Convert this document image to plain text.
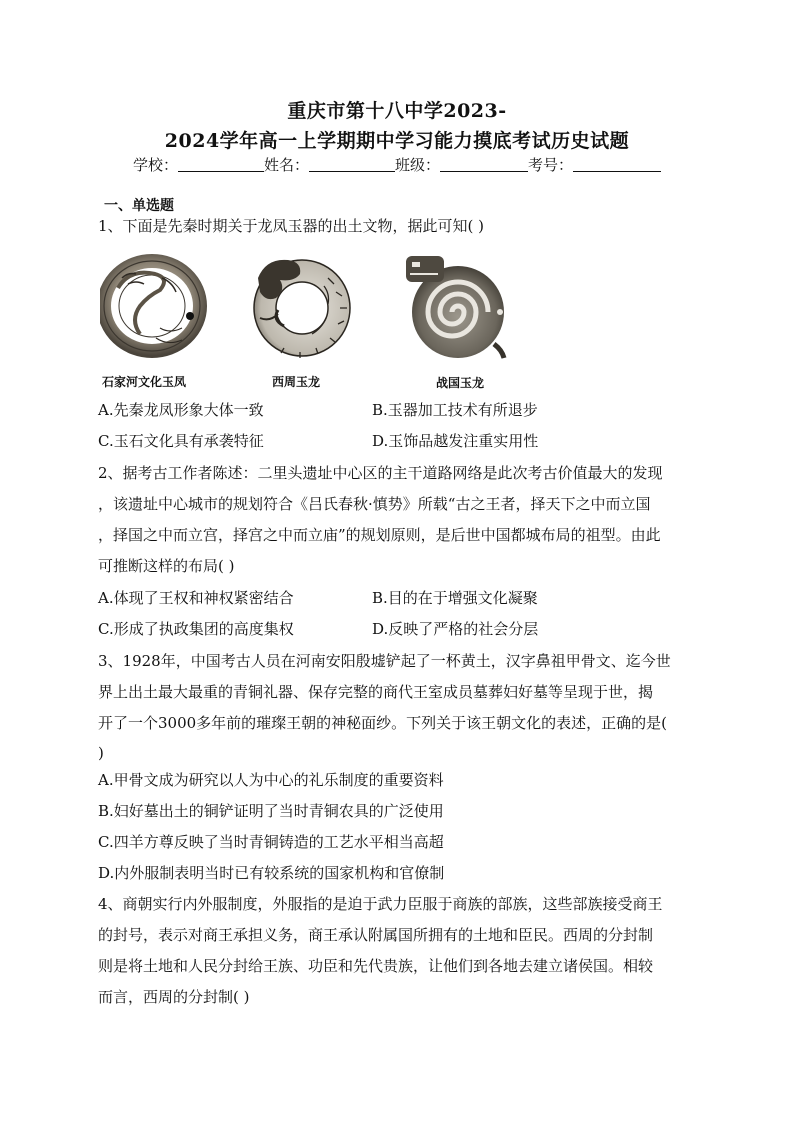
重庆市第十八中学2023-
2024学年高一上学期期中学习能力摸底考试历史试题
学校：	姓名：	班级：	考号：
一、单选题
1、下面是先秦时期关于龙凤玉器的出土文物，据此可知( )
石家河文化玉凤	西周玉龙	战国玉龙
A.先秦龙凤形象大体一致	B.玉器加工技术有所退步
C.玉石文化具有承袭特征	D.玉饰品越发注重实用性
2、据考古工作者陈述：二里头遗址中心区的主干道路网络是此次考古价值最大的发现
，该遗址中心城市的规划符合《吕氏春秋·慎势》所载“古之王者，择天下之中而立国
，择国之中而立宫，择宫之中而立庙”的规划原则，是后世中国都城布局的祖型。由此
可推断这样的布局( )
A.体现了王权和神权紧密结合	B.目的在于增强文化凝聚
C.形成了执政集团的高度集权	D.反映了严格的社会分层
3、1928年，中国考古人员在河南安阳殷墟铲起了一杯黄土，汉字鼻祖甲骨文、迄今世
界上出土最大最重的青铜礼器、保存完整的商代王室成员墓葬妇好墓等呈现于世，揭
开了一个3000多年前的璀璨王朝的神秘面纱。下列关于该王朝文化的表述，正确的是(
)
A.甲骨文成为研究以人为中心的礼乐制度的重要资料
B.妇好墓出土的铜铲证明了当时青铜农具的广泛使用
C.四羊方尊反映了当时青铜铸造的工艺水平相当高超
D.内外服制表明当时已有较系统的国家机构和官僚制
4、商朝实行内外服制度，外服指的是迫于武力臣服于商族的部族，这些部族接受商王
的封号，表示对商王承担义务，商王承认附属国所拥有的土地和臣民。西周的分封制
则是将土地和人民分封给王族、功臣和先代贵族，让他们到各地去建立诸侯国。相较
而言，西周的分封制( )
